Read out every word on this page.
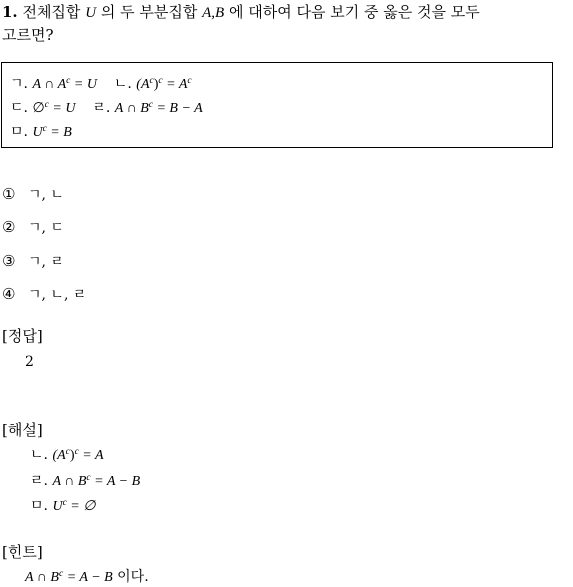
1. 전체집합 U 의 두 부분집합 A,B 에 대하여 다음 보기 중 옳은 것을 모두
고르면?
ㄱ. A ∩ $A^c = U$ ㄴ. $(A^c)^c = A^c$
ㄷ. ∅$^c$ = U ㄹ. A ∩ $B^c = B - A$
ㅁ. $U^c = B$
① ㄱ, ㄴ
② ㄱ, ㄷ
③ ㄱ, ㄹ
④ ㄱ, ㄴ, ㄹ
[정답]
2
[해설]
ㄴ. $(A^c)^c = A$
ㄹ. A ∩ $B^c = A - B$
ㅁ. $U^c$ = ∅
[힌트]
A ∩ $B^c = A - B$ 이다.
